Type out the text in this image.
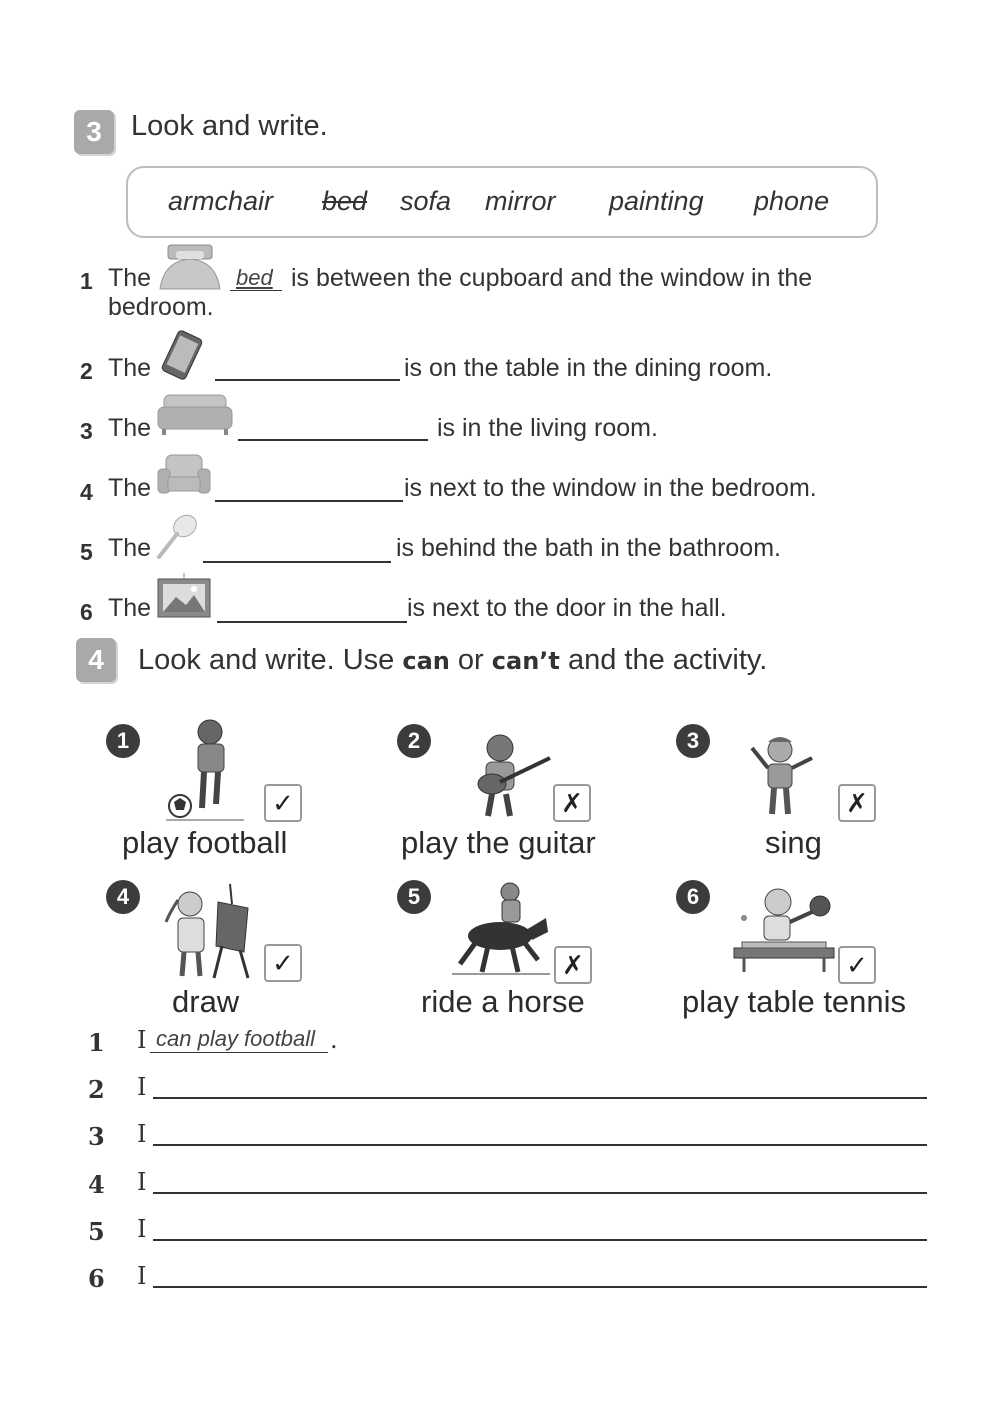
3	Look and write.
armchair bed sofa mirror painting phone
1 The	bed is between the cupboard and the window in the
bedroom.
2 The	is on the table in the dining room.
3 The	is in the living room.
4 The	is next to the window in the bedroom.
5 The	is behind the bath in the bathroom.
6 The	is next to the door in the hall.
4	Look and write. Use can or can’t and the activity.
1
✓
play football
2
✗
play the guitar
3
✗
sing
4
✓
draw
5
✗
ride a horse
6
✓
play table tennis
1 I can play football .
2 I
3 I
4 I
5 I
6 I
